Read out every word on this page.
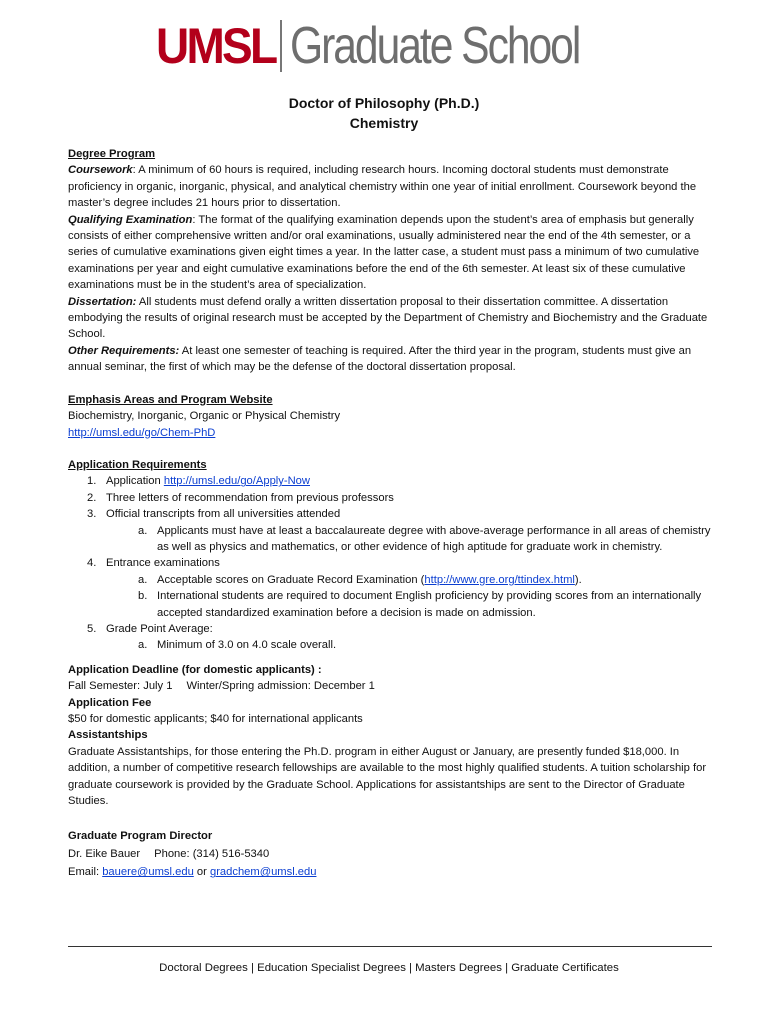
UMSL Graduate School
Doctor of Philosophy (Ph.D.)
Chemistry

Degree Program

Coursework: A minimum of 60 hours is required, including research hours. Incoming doctoral students must demonstrate proficiency in organic, inorganic, physical, and analytical chemistry within one year of initial enrollment. Coursework beyond the master’s degree includes 21 hours prior to dissertation.

Qualifying Examination: The format of the qualifying examination depends upon the student’s area of emphasis but generally consists of either comprehensive written and/or oral examinations, usually administered near the end of the 4th semester, or a series of cumulative examinations given eight times a year. In the latter case, a student must pass a minimum of two cumulative examinations per year and eight cumulative examinations before the end of the 6th semester. At least six of these cumulative examinations must be in the student’s area of specialization.

Dissertation: All students must defend orally a written dissertation proposal to their dissertation committee. A dissertation embodying the results of original research must be accepted by the Department of Chemistry and Biochemistry and the Graduate School.

Other Requirements: At least one semester of teaching is required. After the third year in the program, students must give an annual seminar, the first of which may be the defense of the doctoral dissertation proposal.

Emphasis Areas and Program Website

Biochemistry, Inorganic, Organic or Physical Chemistry

http://umsl.edu/go/Chem-PhD

Application Requirements

1. Application http://umsl.edu/go/Apply-Now
2. Three letters of recommendation from previous professors
3. Official transcripts from all universities attended
a. Applicants must have at least a baccalaureate degree with above-average performance in all areas of chemistry as well as physics and mathematics, or other evidence of high aptitude for graduate work in chemistry.
4. Entrance examinations
a. Acceptable scores on Graduate Record Examination (http://www.gre.org/ttindex.html).
b. International students are required to document English proficiency by providing scores from an internationally accepted standardized examination before a decision is made on admission.
5. Grade Point Average:
a. Minimum of 3.0 on 4.0 scale overall.

Application Deadline (for domestic applicants) :

Fall Semester: July 1 Winter/Spring admission: December 1

Application Fee

$50 for domestic applicants; $40 for international applicants

Assistantships

Graduate Assistantships, for those entering the Ph.D. program in either August or January, are presently funded $18,000. In addition, a number of competitive research fellowships are available to the most highly qualified students. A tuition scholarship for graduate coursework is provided by the Graduate School. Applications for assistantships are sent to the Director of Graduate Studies.

Graduate Program Director

Dr. Eike Bauer Phone: (314) 516-5340

Email: bauere@umsl.edu or gradchem@umsl.edu

Doctoral Degrees | Education Specialist Degrees | Masters Degrees | Graduate Certificates
